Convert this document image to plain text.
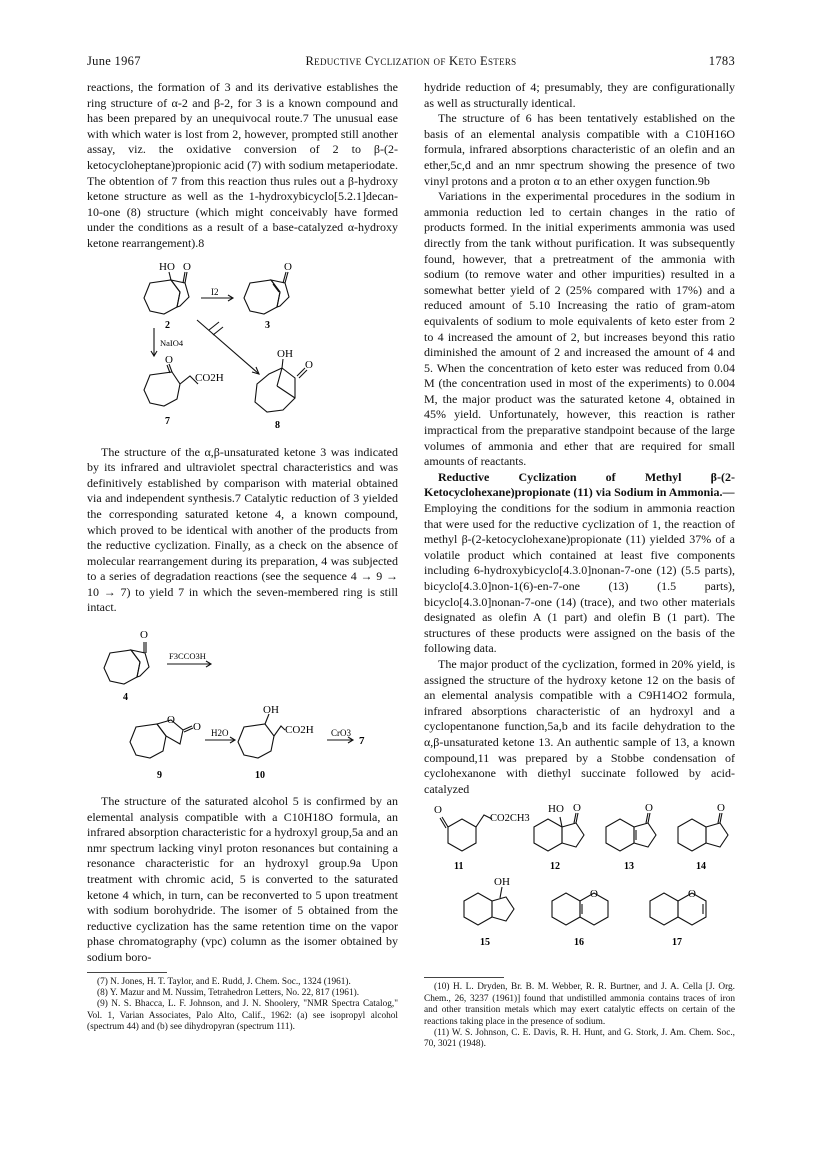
June 1967	Reductive Cyclization of Keto Esters	1783

reactions, the formation of 3 and its derivative establishes the ring structure of α-2 and β-2, for 3 is a known compound and has been prepared by an unequivocal route.7 The unusual ease with which water is lost from 2, however, prompted still another assay, viz. the oxidative conversion of 2 to β-(2-ketocycloheptane)propionic acid (7) with sodium metaperiodate. The obtention of 7 from this reaction thus rules out a β-hydroxy ketone structure as well as the 1-hydroxybicyclo[5.2.1]decan-10-one (8) structure (which might conceivably have formed under the conditions as a result of a base-catalyzed α-hydroxy ketone rearrangement).8

HO O	O
I2
NaIO4
O
CO2H
OH
O
2	3
7	8

The structure of the α,β-unsaturated ketone 3 was indicated by its infrared and ultraviolet spectral characteristics and was definitively established by comparison with material obtained via and independent synthesis.7 Catalytic reduction of 3 yielded the corresponding saturated ketone 4, a known compound, which proved to be identical with another of the products from the reductive cyclization. Finally, as a check on the absence of molecular rearrangement during its preparation, 4 was subjected to a series of degradation reactions (see the sequence 4 → 9 → 10 → 7) to yield 7 in which the seven-membered ring is still intact.

O
F3CCO3H
O
O H2O
OH
CO2H CrO3
7
4
9	10

The structure of the saturated alcohol 5 is confirmed by an elemental analysis compatible with a C10H18O formula, an infrared absorption characteristic for a hydroxyl group,5a and an nmr spectrum lacking vinyl proton resonances but containing a resonance characteristic for an hydroxyl group.9a Upon treatment with chromic acid, 5 is converted to the saturated ketone 4 which, in turn, can be reconverted to 5 upon treatment with sodium borohydride. The isomer of 5 obtained from the reductive cyclization has the same retention time on the vapor phase chromatography (vpc) column as the isomer obtained by sodium boro-

(7) N. Jones, H. T. Taylor, and E. Rudd, J. Chem. Soc., 1324 (1961).

(8) Y. Mazur and M. Nussim, Tetrahedron Letters, No. 22, 817 (1961).

(9) N. S. Bhacca, L. F. Johnson, and J. N. Shoolery, "NMR Spectra Catalog," Vol. 1, Varian Associates, Palo Alto, Calif., 1962: (a) see isopropyl alcohol (spectrum 44) and (b) see dihydropyran (spectrum 111).

hydride reduction of 4; presumably, they are configurationally as well as structurally identical.

The structure of 6 has been tentatively established on the basis of an elemental analysis compatible with a C10H16O formula, infrared absorptions characteristic of an olefin and an ether,5c,d and an nmr spectrum showing the presence of two vinyl protons and a proton α to an ether oxygen function.9b

Variations in the experimental procedures in the sodium in ammonia reduction led to certain changes in the ratio of products formed. In the initial experiments ammonia was used directly from the tank without purification. It was subsequently found, however, that a pretreatment of the ammonia with sodium (to remove water and other impurities) resulted in a somewhat better yield of 2 (25% compared with 17%) and a reduced amount of 5.10 Increasing the ratio of gram-atom equivalents of sodium to mole equivalents of keto ester from 2 to 4 increased the amount of 2, but increases beyond this ratio diminished the amount of 2 and increased the amount of 4 and 5. When the concentration of keto ester was reduced from 0.04 M (the concentration used in most of the experiments) to 0.004 M, the major product was the saturated ketone 4, obtained in 45% yield. Unfortunately, however, this reaction is rather impractical from the preparative standpoint because of the large volumes of ammonia and ether that are required for small amounts of reactants.

Reductive Cyclization of Methyl β-(2-Ketocyclohexane)propionate (11) via Sodium in Ammonia.—

Employing the conditions for the sodium in ammonia reaction that were used for the reductive cyclization of 1, the reaction of methyl β-(2-ketocyclohexane)propionate (11) yielded 37% of a volatile product which contained at least five components including 6-hydroxybicyclo[4.3.0]nonan-7-one (12) (5.5 parts), bicyclo[4.3.0]non-1(6)-en-7-one (13) (1.5 parts), bicyclo[4.3.0]nonan-7-one (14) (trace), and two other materials designated as olefin A (1 part) and olefin B (1 part). The structures of these products were assigned on the basis of the following data.

The major product of the cyclization, formed in 20% yield, is assigned the structure of the hydroxy ketone 12 on the basis of an elemental analysis compatible with a C9H14O2 formula, infrared absorptions characteristic of an hydroxyl and a cyclopentanone function,5a,b and its facile dehydration to the α,β-unsaturated ketone 13. An authentic sample of 13, a known compound,11 was prepared by a Stobbe condensation of cyclohexanone with diethyl succinate followed by acid-catalyzed

O
CO2CH3
HO O	O	O
OH
O	O
11	12	13	14
15	16	17

(10) H. L. Dryden, Br. B. M. Webber, R. R. Burtner, and J. A. Cella [J. Org. Chem., 26, 3237 (1961)] found that undistilled ammonia contains traces of iron and other transition metals which may exert catalytic effects on certain of the reactions taking place in the presence of sodium.

(11) W. S. Johnson, C. E. Davis, R. H. Hunt, and G. Stork, J. Am. Chem. Soc., 70, 3021 (1948).
